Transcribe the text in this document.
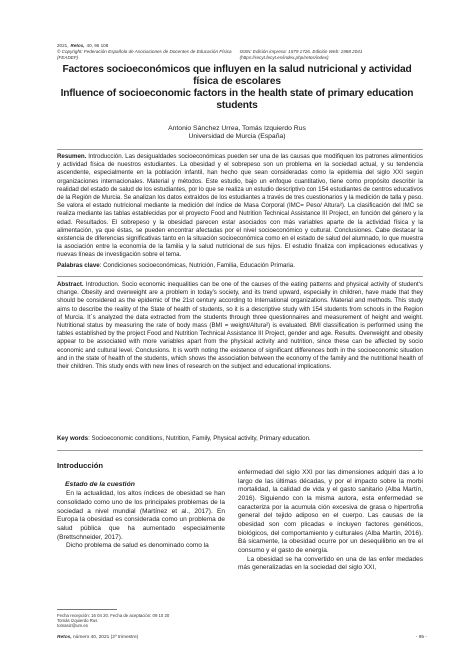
2021, Retos, 40, 95 108
© Copyright: Federación Española de Asociaciones de Docentes de Educación Física (FEADEF)
ISSN: Edición impresa: 1579 1726. Edición Web: 1988 2041 (https://recyt.fecyt.es/index.php/retos/index)
Factores socioeconómicos que influyen en la salud nutricional y actividad física de escolares
Influence of socioeconomic factors in the health state of primary education students
Antonio Sánchez Urrea, Tomás Izquierdo Rus
Universidad de Murcia (España)
Resumen. Introducción. Las desigualdades socioeconómicas pueden ser una de las causas que modifiquen los patrones alimenticios y actividad física de nuestros estudiantes. La obesidad y el sobrepeso son un problema en la sociedad actual, y su tendencia ascendente, especialmente en la población infantil, han hecho que sean consideradas como la epidemia del siglo XXI según organizaciones internacionales. Material y métodos. Este estudio, bajo un enfoque cuantitativo, tiene como propósito describir la realidad del estado de salud de los estudiantes, por lo que se realiza un estudio descriptivo con 154 estudiantes de centros educativos de la Región de Murcia. Se analizan los datos extraídos de los estudiantes a través de tres cuestionarios y la medición de talla y peso. Se valora el estado nutricional mediante la medición del índice de Masa Corporal (IMC= Peso/ Altura²). La clasificación del IMC se realiza mediante las tablas establecidas por el proyecto Food and Nutrition Technical Assistance III Project, en función del género y la edad. Resultados. El sobrepeso y la obesidad parecen estar asociados con más variables aparte de la actividad física y la alimentación, ya que éstas, se pueden encontrar afectadas por el nivel socioeconómico y cultural. Conclusiones. Cabe destacar la existencia de diferencias significativas tanto en la situación socioeconómica como en el estado de salud del alumnado, lo que muestra la asociación entre la economía de la familia y la salud nutricional de sus hijos. El estudio finaliza con implicaciones educativas y nuevas líneas de investigación sobre el tema.
Palabras clave: Condiciones socioeconómicas, Nutrición, Familia, Educación Primaria.
Abstract. Introduction. Socio economic inequalities can be one of the causes of the eating patterns and physical activity of student's change. Obesity and overweight are a problem in today's society, and its trend upward, especially in children, have made that they should be considered as the epidemic of the 21st century according to International organizations. Material and methods. This study aims to describe the reality of the State of health of students, so it is a descriptive study with 154 students from schools in the Region of Murcia. It´s analyzed the data extracted from the students through three questionnaires and measurement of height and weight. Nutritional status by measuring the rate of body mass (BMI = weight/Altura²) is evaluated. BMI classification is performed using the tables established by the project Food and Nutrition Technical Assistance III Project, gender and age. Results. Overweight and obesity appear to be associated with more variables apart from the physical activity and nutrition, since these can be affected by socio economic and cultural level. Conclusions. It is worth noting the existence of significant differences both in the socioeconomic situation and in the state of health of the students, which shows the association between the economy of the family and the nutritional health of their children. This study ends with new lines of research on the subject and educational implications.
Key words: Socioeconomic conditions, Nutrition, Family, Physical activity, Primary education.
Introducción
Estado de la cuestión

En la actualidad, los altos índices de obesidad se han consolidado como uno de los principales problemas de la sociedad a nivel mundial (Martínez et al., 2017). En Europa la obesidad es considerada como un problema de salud pública que ha aumentado especialmente (Brettschneider, 2017).

Dicho problema de salud es denominado como la

enfermedad del siglo XXI por las dimensiones adquiri das a lo largo de las últimas décadas, y por el impacto sobre la morbi mortalidad, la calidad de vida y el gasto sanitario (Alba Martín, 2016). Siguiendo con la misma autora, esta enfermedad se caracteriza por la acumula ción excesiva de grasa o hipertrofia general del tejido adiposo en el cuerpo. Las causas de la obesidad son com plicadas e incluyen factores genéticos, biológicos, del comportamiento y culturales (Alba Martín, 2016). Bá sicamente, la obesidad ocurre por un desequilibrio en tre el consumo y el gasto de energía.

La obesidad se ha convertido en una de las enfer medades más generalizadas en la sociedad del siglo XXI,

Fecha recepción: 16 04 20. Fecha de aceptación: 09 10 20
Tomás Izquierdo Rus
tomasiz@um.es
Retos, número 40, 2021 (2º trimestre)	- 95 -
